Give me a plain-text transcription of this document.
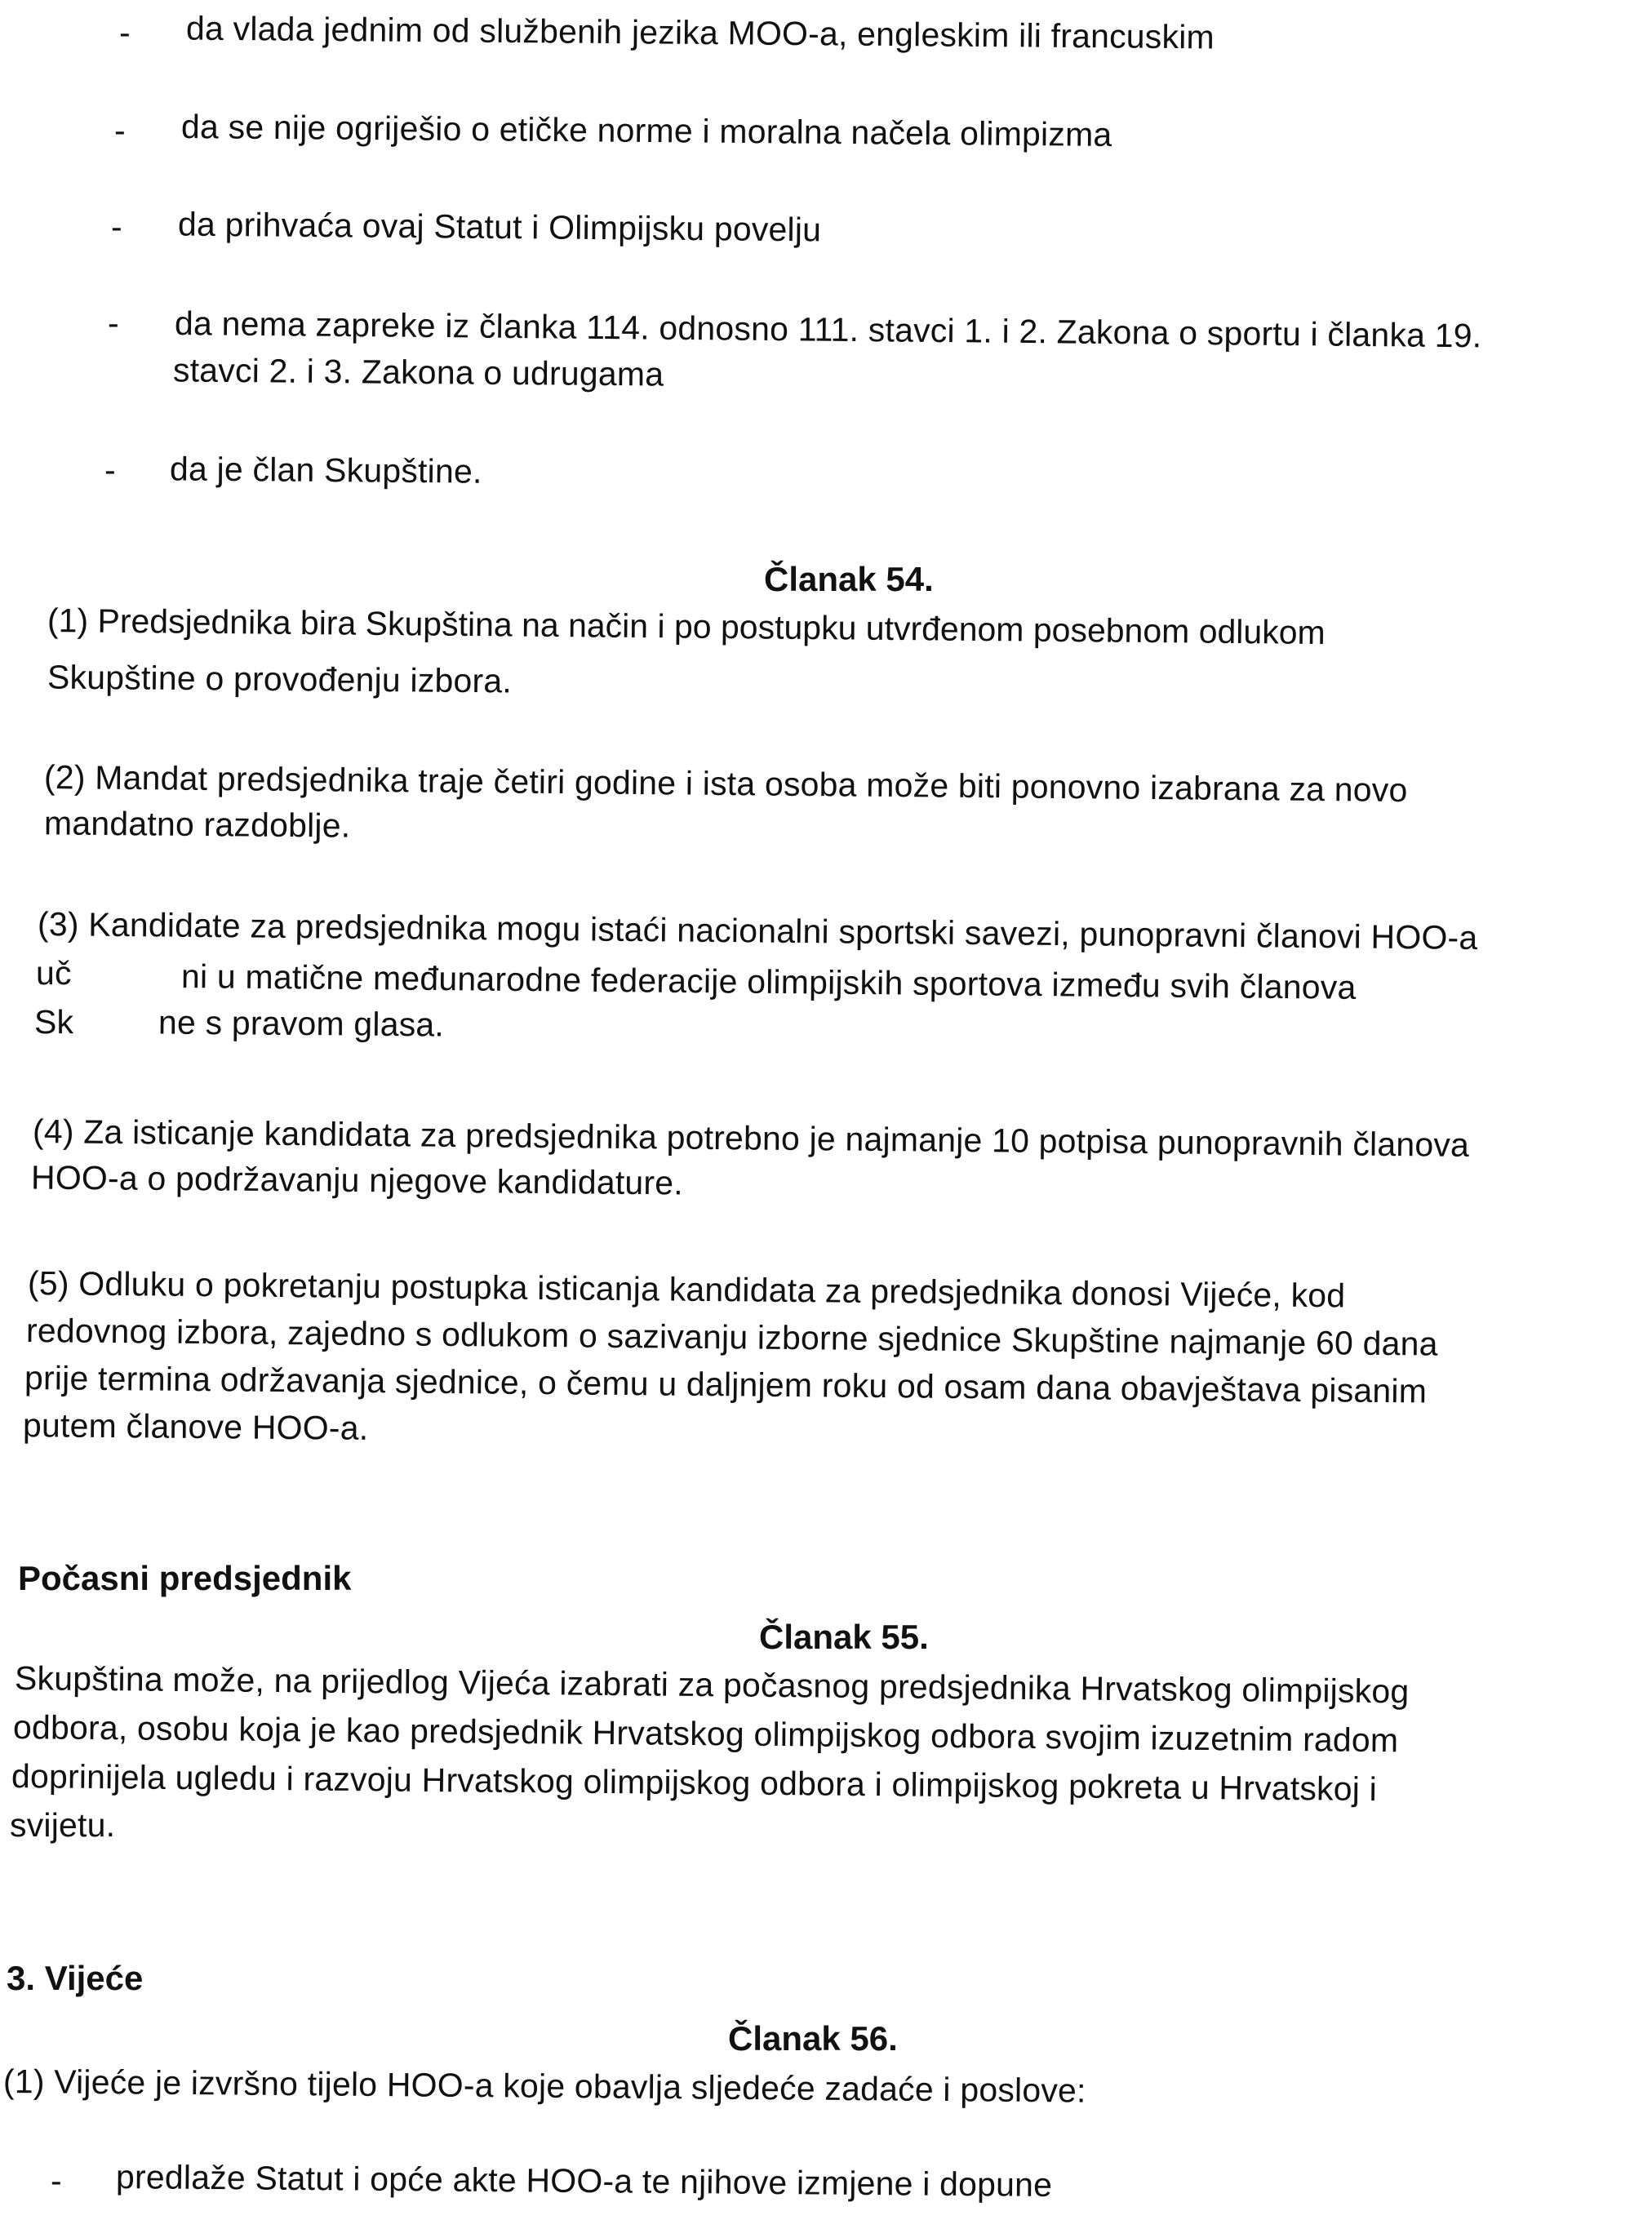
- da vlada jednim od službenih jezika MOO-a, engleskim ili francuskim
- da se nije ogriješio o etičke norme i moralna načela olimpizma
- da prihvaća ovaj Statut i Olimpijsku povelju
- da nema zapreke iz članka 114. odnosno 111. stavci 1. i 2. Zakona o sportu i članka 19.
stavci 2. i 3. Zakona o udrugama
- da je član Skupštine.
Članak 54.
(1) Predsjednika bira Skupština na način i po postupku utvrđenom posebnom odlukom
Skupštine o provođenju izbora.
(2) Mandat predsjednika traje četiri godine i ista osoba može biti ponovno izabrana za novo
mandatno razdoblje.
(3) Kandidate za predsjednika mogu istaći nacionalni sportski savezi, punopravni članovi HOO-a
uč	ni u matične međunarodne federacije olimpijskih sportova između svih članova
Sk	ne s pravom glasa.
(4) Za isticanje kandidata za predsjednika potrebno je najmanje 10 potpisa punopravnih članova
HOO-a o podržavanju njegove kandidature.
(5) Odluku o pokretanju postupka isticanja kandidata za predsjednika donosi Vijeće, kod
redovnog izbora, zajedno s odlukom o sazivanju izborne sjednice Skupštine najmanje 60 dana
prije termina održavanja sjednice, o čemu u daljnjem roku od osam dana obavještava pisanim
putem članove HOO-a.
Počasni predsjednik
Članak 55.
Skupština može, na prijedlog Vijeća izabrati za počasnog predsjednika Hrvatskog olimpijskog
odbora, osobu koja je kao predsjednik Hrvatskog olimpijskog odbora svojim izuzetnim radom
doprinijela ugledu i razvoju Hrvatskog olimpijskog odbora i olimpijskog pokreta u Hrvatskoj i
svijetu.
3. Vijeće
Članak 56.
(1) Vijeće je izvršno tijelo HOO-a koje obavlja sljedeće zadaće i poslove:
- predlaže Statut i opće akte HOO-a te njihove izmjene i dopune
